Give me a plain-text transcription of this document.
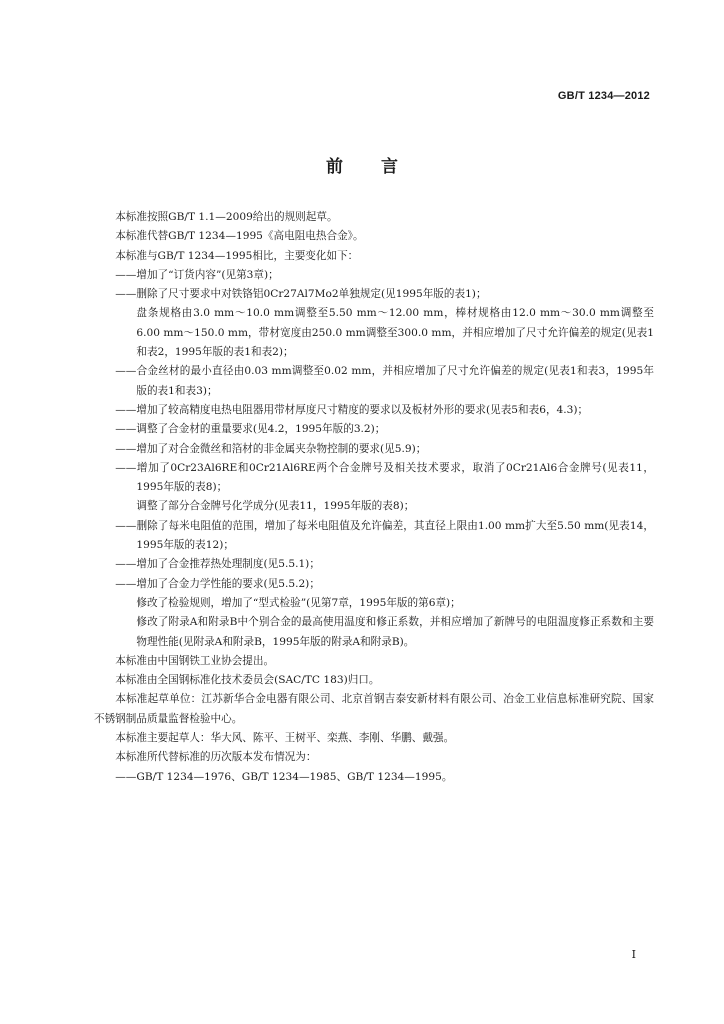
GB/T 1234—2012
前言

本标准按照GB/T 1.1—2009给出的规则起草。

本标准代替GB/T 1234—1995《高电阻电热合金》。

本标准与GB/T 1234—1995相比，主要变化如下：

——增加了“订货内容”(见第3章)；

——删除了尺寸要求中对铁铬铝0Cr27Al7Mo2单独规定(见1995年版的表1)；

盘条规格由3.0 mm～10.0 mm调整至5.50 mm～12.00 mm，棒材规格由12.0 mm～30.0 mm调整至6.00 mm～150.0 mm，带材宽度由250.0 mm调整至300.0 mm，并相应增加了尺寸允许偏差的规定(见表1和表2，1995年版的表1和表2)；

——合金丝材的最小直径由0.03 mm调整至0.02 mm，并相应增加了尺寸允许偏差的规定(见表1和表3，1995年版的表1和表3)；

——增加了较高精度电热电阻器用带材厚度尺寸精度的要求以及板材外形的要求(见表5和表6，4.3)；

——调整了合金材的重量要求(见4.2，1995年版的3.2)；

——增加了对合金微丝和箔材的非金属夹杂物控制的要求(见5.9)；

——增加了0Cr23Al6RE和0Cr21Al6RE两个合金牌号及相关技术要求，取消了0Cr21Al6合金牌号(见表11，1995年版的表8)；

调整了部分合金牌号化学成分(见表11，1995年版的表8)；

——删除了每米电阻值的范围，增加了每米电阻值及允许偏差，其直径上限由1.00 mm扩大至5.50 mm(见表14，1995年版的表12)；

——增加了合金推荐热处理制度(见5.5.1)；

——增加了合金力学性能的要求(见5.5.2)；

修改了检验规则，增加了“型式检验”(见第7章，1995年版的第6章)；

修改了附录A和附录B中个别合金的最高使用温度和修正系数，并相应增加了新牌号的电阻温度修正系数和主要物理性能(见附录A和附录B，1995年版的附录A和附录B)。

本标准由中国钢铁工业协会提出。

本标准由全国钢标准化技术委员会(SAC/TC 183)归口。

本标准起草单位：江苏新华合金电器有限公司、北京首钢吉泰安新材料有限公司、冶金工业信息标准研究院、国家不锈钢制品质量监督检验中心。

本标准主要起草人：华大风、陈平、王树平、栾燕、李刚、华鹏、戴强。

本标准所代替标准的历次版本发布情况为：

——GB/T 1234—1976、GB/T 1234—1985、GB/T 1234—1995。

I
